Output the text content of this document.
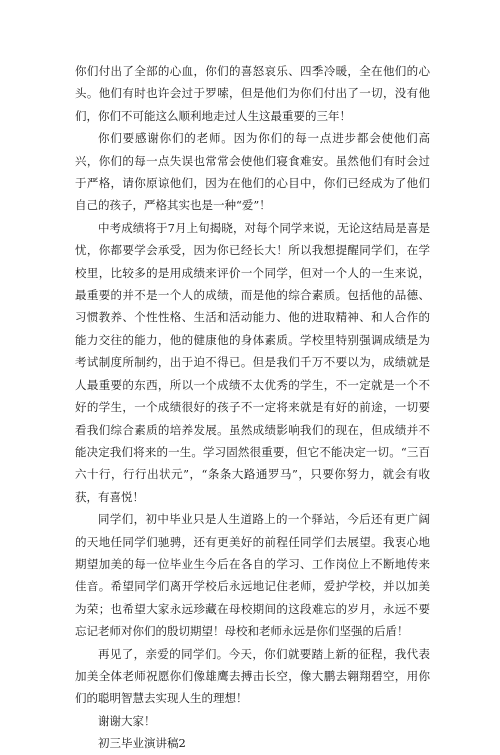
你们付出了全部的心血，你们的喜怒哀乐、四季冷暖，全在他们的心头。他们有时也许会过于罗嗦，但是他们为你们付出了一切，没有他们，你们不可能这么顺利地走过人生这最重要的三年！

你们要感谢你们的老师。因为你们的每一点进步都会使他们高兴，你们的每一点失误也常常会使他们寝食难安。虽然他们有时会过于严格，请你原谅他们，因为在他们的心目中，你们已经成为了他们自己的孩子，严格其实也是一种“爱”！

中考成绩将于7月上旬揭晓，对每个同学来说，无论这结局是喜是忧，你都要学会承受，因为你已经长大！所以我想提醒同学们，在学校里，比较多的是用成绩来评价一个同学，但对一个人的一生来说，最重要的并不是一个人的成绩，而是他的综合素质。包括他的品德、习惯教养、个性性格、生活和活动能力、他的进取精神、和人合作的能力交往的能力，他的健康他的身体素质。学校里特别强调成绩是为考试制度所制约，出于迫不得已。但是我们千万不要以为，成绩就是人最重要的东西，所以一个成绩不太优秀的学生，不一定就是一个不好的学生，一个成绩很好的孩子不一定将来就是有好的前途，一切要看我们综合素质的培养发展。虽然成绩影响我们的现在，但成绩并不能决定我们将来的一生。学习固然很重要，但它不能决定一切。“三百六十行，行行出状元”，“条条大路通罗马”，只要你努力，就会有收获，有喜悦！

同学们，初中毕业只是人生道路上的一个驿站，今后还有更广阔的天地任同学们驰骋，还有更美好的前程任同学们去展望。我衷心地期望加美的每一位毕业生今后在各自的学习、工作岗位上不断地传来佳音。希望同学们离开学校后永远地记住老师，爱护学校，并以加美为荣；也希望大家永远珍藏在母校期间的这段难忘的岁月，永远不要忘记老师对你们的殷切期望！母校和老师永远是你们坚强的后盾！

再见了，亲爱的同学们。今天，你们就要踏上新的征程，我代表加美全体老师祝愿你们像雄鹰去搏击长空，像大鹏去翱翔碧空，用你们的聪明智慧去实现人生的理想！

谢谢大家！

初三毕业演讲稿2
